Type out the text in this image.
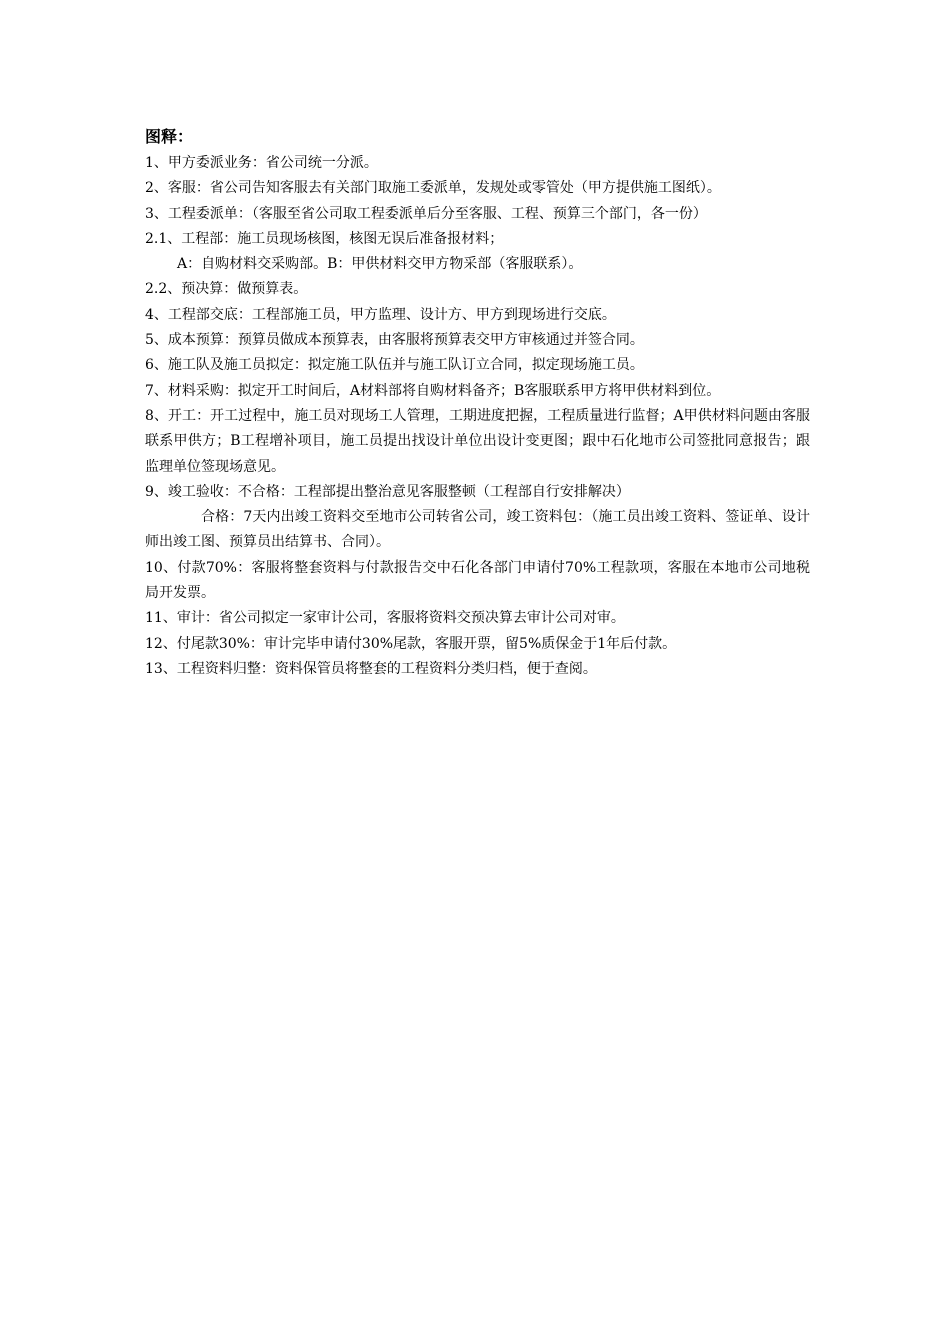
图释：

1、甲方委派业务：省公司统一分派。

2、客服：省公司告知客服去有关部门取施工委派单，发规处或零管处（甲方提供施工图纸）。

3、工程委派单：（客服至省公司取工程委派单后分至客服、工程、预算三个部门，各一份）

2.1、工程部：施工员现场核图，核图无误后准备报材料；

A：自购材料交采购部。B：甲供材料交甲方物采部（客服联系）。

2.2、预决算：做预算表。

4、工程部交底：工程部施工员，甲方监理、设计方、甲方到现场进行交底。

5、成本预算：预算员做成本预算表，由客服将预算表交甲方审核通过并签合同。

6、施工队及施工员拟定：拟定施工队伍并与施工队订立合同，拟定现场施工员。

7、材料采购：拟定开工时间后，A材料部将自购材料备齐；B客服联系甲方将甲供材料到位。

8、开工：开工过程中，施工员对现场工人管理，工期进度把握，工程质量进行监督；A甲供材料问题由客服联系甲供方；B工程增补项目，施工员提出找设计单位出设计变更图；跟中石化地市公司签批同意报告；跟监理单位签现场意见。

9、竣工验收：不合格：工程部提出整治意见客服整顿（工程部自行安排解决）

合格：7天内出竣工资料交至地市公司转省公司，竣工资料包：（施工员出竣工资料、签证单、设计师出竣工图、预算员出结算书、合同）。

10、付款70%：客服将整套资料与付款报告交中石化各部门申请付70%工程款项，客服在本地市公司地税局开发票。

11、审计：省公司拟定一家审计公司，客服将资料交预决算去审计公司对审。

12、付尾款30%：审计完毕申请付30%尾款，客服开票，留5%质保金于1年后付款。

13、工程资料归整：资料保管员将整套的工程资料分类归档，便于查阅。
